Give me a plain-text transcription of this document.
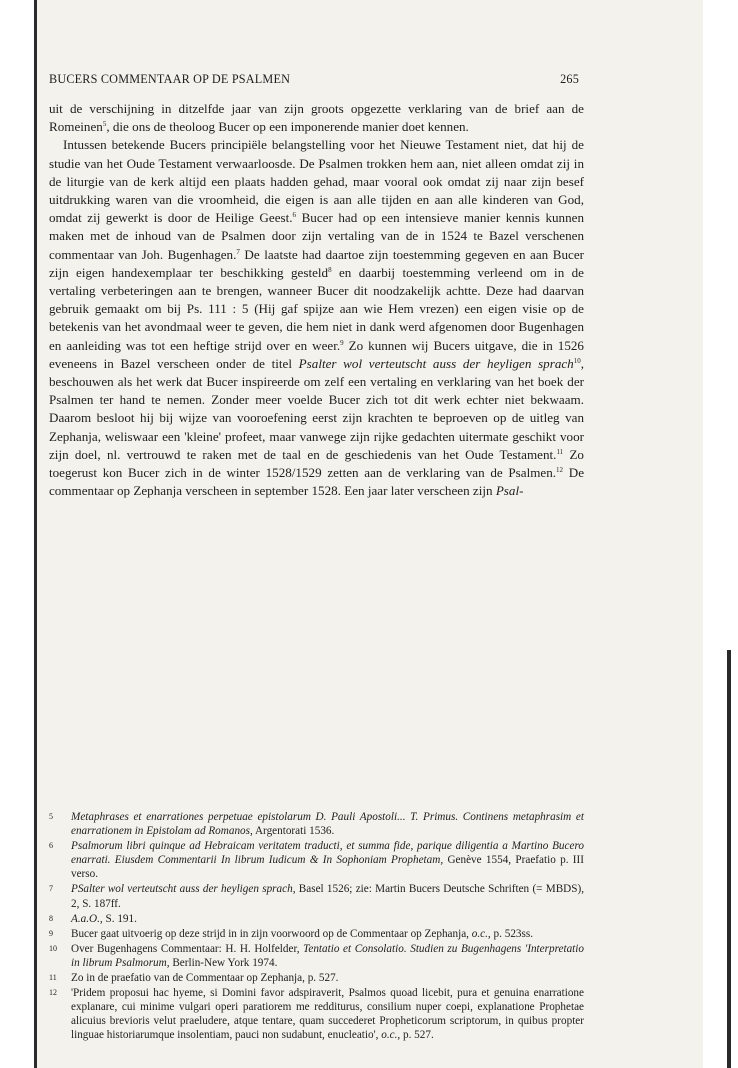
BUCERS COMMENTAAR OP DE PSALMEN	265

uit de verschijning in ditzelfde jaar van zijn groots opgezette verklaring van de brief aan de Romeinen$^5$, die ons de theoloog Bucer op een imponerende manier doet kennen.

Intussen betekende Bucers principiële belangstelling voor het Nieuwe Testament niet, dat hij de studie van het Oude Testament verwaarloosde. De Psalmen trokken hem aan, niet alleen omdat zij in de liturgie van de kerk altijd een plaats hadden gehad, maar vooral ook omdat zij naar zijn besef uitdrukking waren van die vroomheid, die eigen is aan alle tijden en aan alle kinderen van God, omdat zij gewerkt is door de Heilige Geest.$^6$ Bucer had op een intensieve manier kennis kunnen maken met de inhoud van de Psalmen door zijn vertaling van de in 1524 te Bazel verschenen commentaar van Joh. Bugenhagen.$^7$ De laatste had daartoe zijn toestemming gegeven en aan Bucer zijn eigen handexemplaar ter beschikking gesteld$^8$ en daarbij toestemming verleend om in de vertaling verbeteringen aan te brengen, wanneer Bucer dit noodzakelijk achtte. Deze had daarvan gebruik gemaakt om bij Ps. 111 : 5 (Hij gaf spijze aan wie Hem vrezen) een eigen visie op de betekenis van het avondmaal weer te geven, die hem niet in dank werd afgenomen door Bugenhagen en aanleiding was tot een heftige strijd over en weer.$^9$ Zo kunnen wij Bucers uitgave, die in 1526 eveneens in Bazel verscheen onder de titel Psalter wol verteutscht auss der heyligen sprach$^{10}$, beschouwen als het werk dat Bucer inspireerde om zelf een vertaling en verklaring van het boek der Psalmen ter hand te nemen. Zonder meer voelde Bucer zich tot dit werk echter niet bekwaam. Daarom besloot hij bij wijze van vooroefening eerst zijn krachten te beproeven op de uitleg van Zephanja, weliswaar een 'kleine' profeet, maar vanwege zijn rijke gedachten uitermate geschikt voor zijn doel, nl. vertrouwd te raken met de taal en de geschiedenis van het Oude Testament.$^{11}$ Zo toegerust kon Bucer zich in de winter 1528/1529 zetten aan de verklaring van de Psalmen.$^{12}$ De commentaar op Zephanja verscheen in september 1528. Een jaar later verscheen zijn Psal-

5 Metaphrases et enarrationes perpetuae epistolarum D. Pauli Apostoli... T. Primus. Continens metaphrasim et enarrationem in Epistolam ad Romanos, Argentorati 1536.
6 Psalmorum libri quinque ad Hebraicam veritatem traducti, et summa fide, parique diligentia a Martino Bucero enarrati. Eiusdem Commentarii In librum Iudicum & In Sophoniam Prophetam, Genève 1554, Praefatio p. III verso.
7 PSalter wol verteutscht auss der heyligen sprach, Basel 1526; zie: Martin Bucers Deutsche Schriften (= MBDS), 2, S. 187ff.
8 A.a.O., S. 191.
9 Bucer gaat uitvoerig op deze strijd in in zijn voorwoord op de Commentaar op Zephanja, o.c., p. 523ss.
10 Over Bugenhagens Commentaar: H. H. Holfelder, Tentatio et Consolatio. Studien zu Bugenhagens 'Interpretatio in librum Psalmorum, Berlin-New York 1974.
11 Zo in de praefatio van de Commentaar op Zephanja, p. 527.
12 'Pridem proposui hac hyeme, si Domini favor adspiraverit, Psalmos quoad licebit, pura et genuina enarratione explanare, cui minime vulgari operi paratiorem me redditurus, consilium nuper coepi, explanatione Prophetae alicuius brevioris velut praeludere, atque tentare, quam succederet Propheticorum scriptorum, in quibus propter linguae historiarumque insolentiam, pauci non sudabunt, enucleatio', o.c., p. 527.
